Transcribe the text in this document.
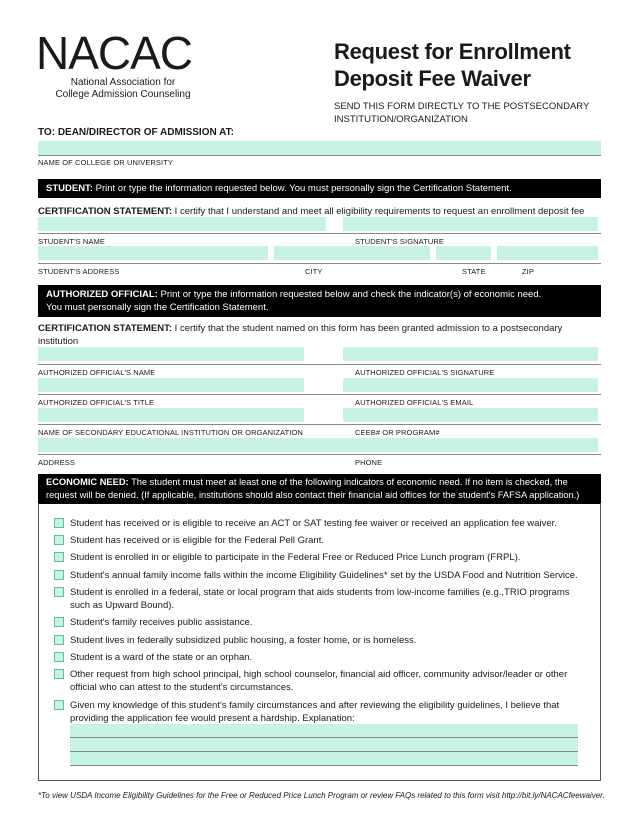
NACAC
National Association for
College Admission Counseling
Request for Enrollment
Deposit Fee Waiver
SEND THIS FORM DIRECTLY TO THE POSTSECONDARY
INSTITUTION/ORGANIZATION
TO: DEAN/DIRECTOR OF ADMISSION AT:
NAME OF COLLEGE OR UNIVERSITY
STUDENT: Print or type the information requested below. You must personally sign the Certification Statement.
CERTIFICATION STATEMENT: I certify that I understand and meet all eligibility requirements to request an enrollment deposit fee
STUDENT'S NAME	STUDENT'S SIGNATURE
STUDENT'S ADDRESS	CITY	STATE	ZIP
AUTHORIZED OFFICIAL: Print or type the information requested below and check the indicator(s) of economic need.
You must personally sign the Certification Statement.
CERTIFICATION STATEMENT: I certify that the student named on this form has been granted admission to a postsecondary institution
AUTHORIZED OFFICIAL'S NAME	AUTHORIZED OFFICIAL'S SIGNATURE
AUTHORIZED OFFICIAL'S TITLE	AUTHORIZED OFFICIAL'S EMAIL
NAME OF SECONDARY EDUCATIONAL INSTITUTION OR ORGANIZATION	CEEB# OR PROGRAM#
ADDRESS	PHONE
ECONOMIC NEED: The student must meet at least one of the following indicators of economic need. If no item is checked, the
request will be denied. (If applicable, institutions should also contact their financial aid offices for the student's FAFSA application.)
Student has received or is eligible to receive an ACT or SAT testing fee waiver or received an application fee waiver.
Student has received or is eligible for the Federal Pell Grant.
Student is enrolled in or eligible to participate in the Federal Free or Reduced Price Lunch program (FRPL).
Student's annual family income falls within the income Eligibility Guidelines* set by the USDA Food and Nutrition Service.
Student is enrolled in a federal, state or local program that aids students from low-income families (e.g.,TRIO programs such as Upward Bound).
Student's family receives public assistance.
Student lives in federally subsidized public housing, a foster home, or is homeless.
Student is a ward of the state or an orphan.
Other request from high school principal, high school counselor, financial aid officer, community advisor/leader or other official who can attest to the student's circumstances.
Given my knowledge of this student's family circumstances and after reviewing the eligibility guidelines, I believe that providing the application fee would present a hardship. Explanation:
*To view USDA Income Eligibility Guidelines for the Free or Reduced Price Lunch Program or review FAQs related to this form visit http://bit.ly/NACACfeewaiver.
